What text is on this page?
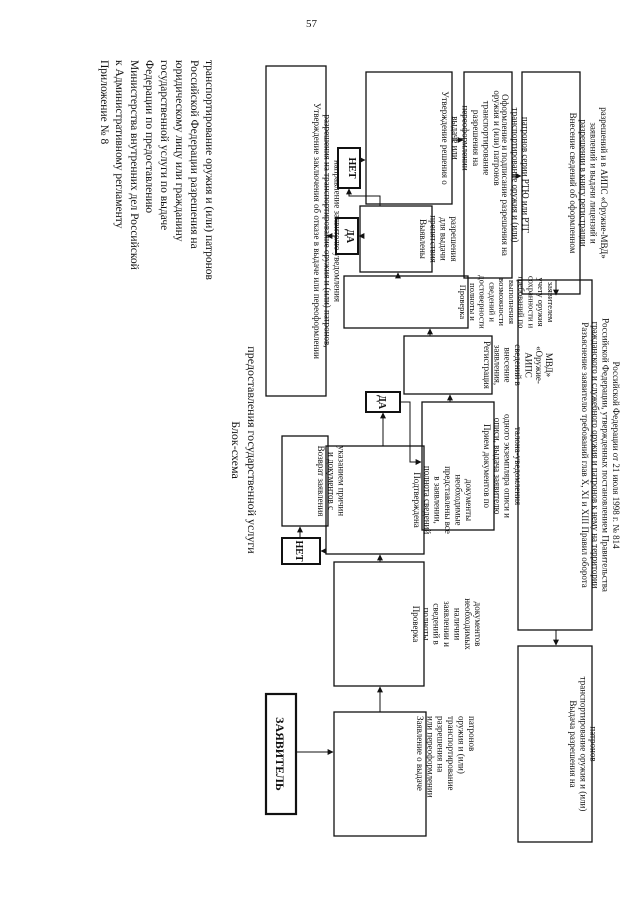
57
Приложение № 8 к Административному регламенту Министерства внутренних дел Российской Федерации по предоставлению государственной услуги по выдаче юридическому лицу или гражданину Российской Федерации разрешения на транспортирование оружия и (или) патронов
Блок-схема предоставления государственной услуги
ЗАЯВИТЕЛЬ	Заявление о выдачеили переоформленииразрешения натранспортированиеоружия и (или)патронов
Проверкаполнотысведений взаявлении иналичиинеобходимыхдокументов
Подтвержденаполнота сведенийв заявлении,представлены всенеобходимыедокументы
НЕТ
Возврат заявленияи документов суказанием причин
ДА
Прием документов поописи, выдача заявителюодного экземпляра описи италона-уведомления
Регистрациязаявления,внесениесведений вАИПС«Оружие-МВД»
Проверкаполноты идостоверностисведений ивозможностивыполнениятребований посохранности иучету оружиязаявителем
Выявленыпрепятствиядля выдачиразрешения
ДА
НЕТ
Утверждение заключения об отказе в выдаче или переоформленииразрешения на транспортирование оружия и (или) патронов,направление заявителю уведомления
Утверждение решения овыдаче илипереоформленииразрешения натранспортированиеоружия и (или) патронов
Оформление и подписание разрешения натранспортирование оружия и (или)патронов серии РТЮ или РТГ	Внесение сведений об оформленномразрешении в книгу регистрациизаявлений и выдачи лицензий иразрешений и в АИПС «Оружие-МВД»
Разъяснение заявителю требований глав X, XI и XIII Правил оборотагражданского и служебного оружия и патронов к нему на территорииРоссийской Федерации, утвержденных постановлением ПравительстваРоссийской Федерации от 21 июля 1998 г. № 814
Выдача разрешения натранспортирование оружия и (или)патронов
